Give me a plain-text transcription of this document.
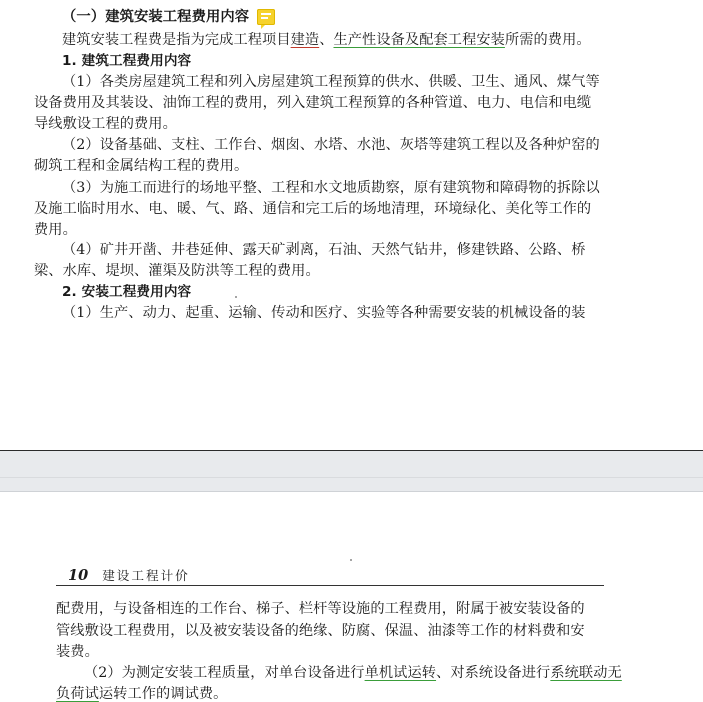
（一）建筑安装工程费用内容
建筑安装工程费是指为完成工程项目建造、生产性设备及配套工程安装所需的费用。
1. 建筑工程费用内容
（1）各类房屋建筑工程和列入房屋建筑工程预算的供水、供暖、卫生、通风、煤气等
设备费用及其装设、油饰工程的费用，列入建筑工程预算的各种管道、电力、电信和电缆
导线敷设工程的费用。
（2）设备基础、支柱、工作台、烟囱、水塔、水池、灰塔等建筑工程以及各种炉窑的
砌筑工程和金属结构工程的费用。
（3）为施工而进行的场地平整、工程和水文地质勘察，原有建筑物和障碍物的拆除以
及施工临时用水、电、暖、气、路、通信和完工后的场地清理，环境绿化、美化等工作的
费用。
（4）矿井开凿、井巷延伸、露天矿剥离，石油、天然气钻井，修建铁路、公路、桥
梁、水库、堤坝、灌渠及防洪等工程的费用。
2. 安装工程费用内容
（1）生产、动力、起重、运输、传动和医疗、实验等各种需要安装的机械设备的装
10 建设工程计价
配费用，与设备相连的工作台、梯子、栏杆等设施的工程费用，附属于被安装设备的
管线敷设工程费用，以及被安装设备的绝缘、防腐、保温、油漆等工作的材料费和安
装费。
（2）为测定安装工程质量，对单台设备进行单机试运转、对系统设备进行系统联动无
负荷试运转工作的调试费。
